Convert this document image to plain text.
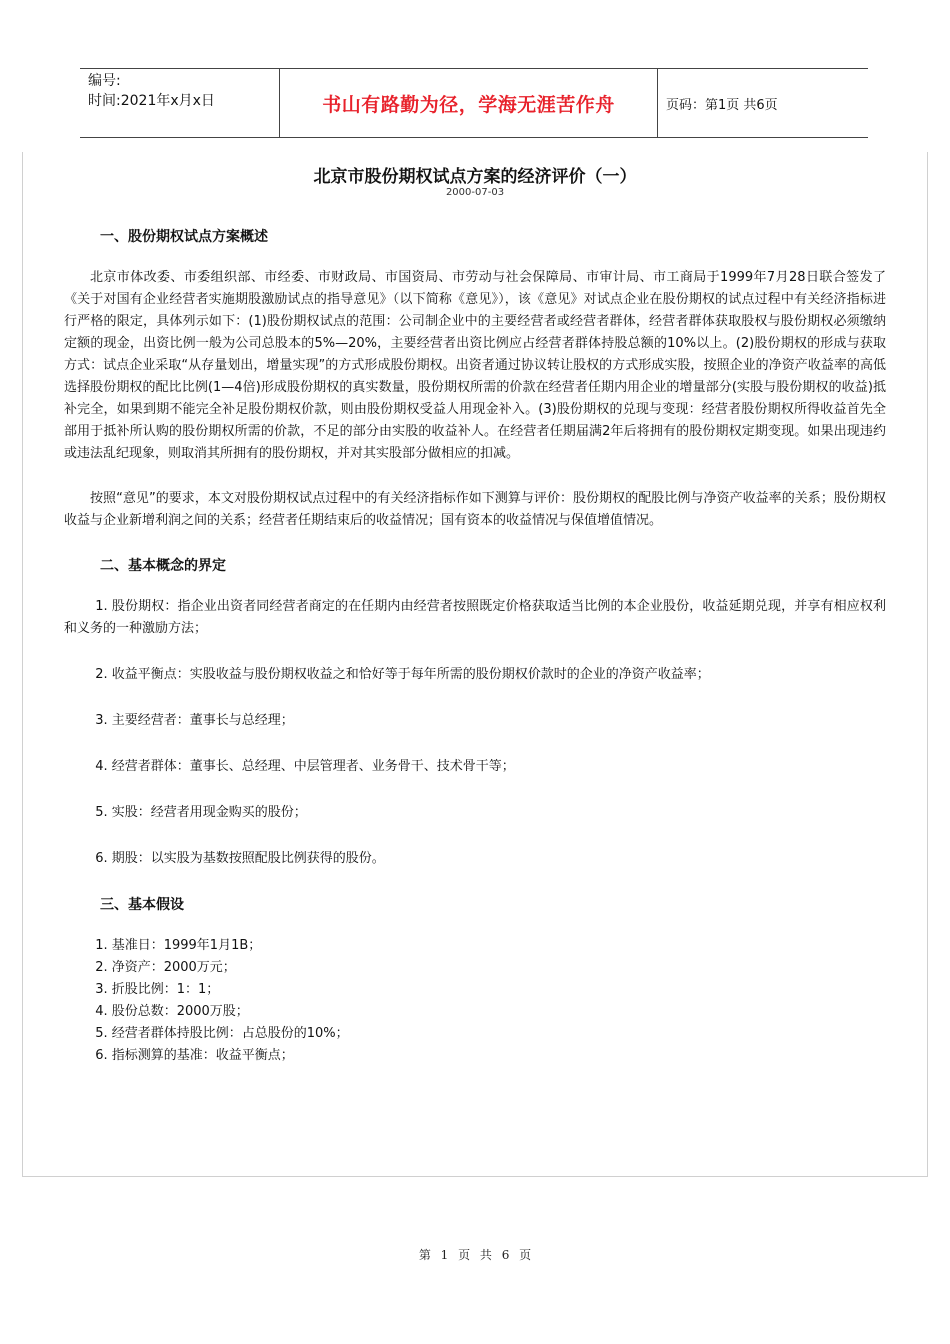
编号:
时间:2021年x月x日	书山有路勤为径，学海无涯苦作舟	页码：第1页 共6页
北京市股份期权试点方案的经济评价（一）
2000-07-03

一、股份期权试点方案概述

北京市体改委、市委组织部、市经委、市财政局、市国资局、市劳动与社会保障局、市审计局、市工商局于1999年7月28日联合签发了《关于对国有企业经营者实施期股激励试点的指导意见》（以下简称《意见》），该《意见》对试点企业在股份期权的试点过程中有关经济指标进行严格的限定，具体列示如下：(1)股份期权试点的范围：公司制企业中的主要经营者或经营者群体，经营者群体获取股权与股份期权必须缴纳定额的现金，出资比例一般为公司总股本的5%—20%，主要经营者出资比例应占经营者群体持股总额的10%以上。(2)股份期权的形成与获取方式：试点企业采取“从存量划出，增量实现”的方式形成股份期权。出资者通过协议转让股权的方式形成实股，按照企业的净资产收益率的高低选择股份期权的配比比例(1—4倍)形成股份期权的真实数量，股份期权所需的价款在经营者任期内用企业的增量部分(实股与股份期权的收益)抵补完全，如果到期不能完全补足股份期权价款，则由股份期权受益人用现金补入。(3)股份期权的兑现与变现：经营者股份期权所得收益首先全部用于抵补所认购的股份期权所需的价款，不足的部分由实股的收益补人。在经营者任期届满2年后将拥有的股份期权定期变现。如果出现违约或违法乱纪现象，则取消其所拥有的股份期权，并对其实股部分做相应的扣减。

按照“意见”的要求，本文对股份期权试点过程中的有关经济指标作如下测算与评价：股份期权的配股比例与净资产收益率的关系；股份期权收益与企业新增利润之间的关系；经营者任期结束后的收益情况；国有资本的收益情况与保值增值情况。

二、基本概念的界定

1. 股份期权：指企业出资者同经营者商定的在任期内由经营者按照既定价格获取适当比例的本企业股份，收益延期兑现，并享有相应权利和义务的一种激励方法；

2. 收益平衡点：实股收益与股份期权收益之和恰好等于每年所需的股份期权价款时的企业的净资产收益率；

3. 主要经营者：董事长与总经理；

4. 经营者群体：董事长、总经理、中层管理者、业务骨干、技术骨干等；

5. 实股：经营者用现金购买的股份；

6. 期股：以实股为基数按照配股比例获得的股份。

三、基本假设

1. 基准日：1999年1月1B；

2. 净资产：2000万元；

3. 折股比例：1：1；

4. 股份总数：2000万股；

5. 经营者群体持股比例：占总股份的10%；

6. 指标测算的基准：收益平衡点；

第 1 页 共 6 页
